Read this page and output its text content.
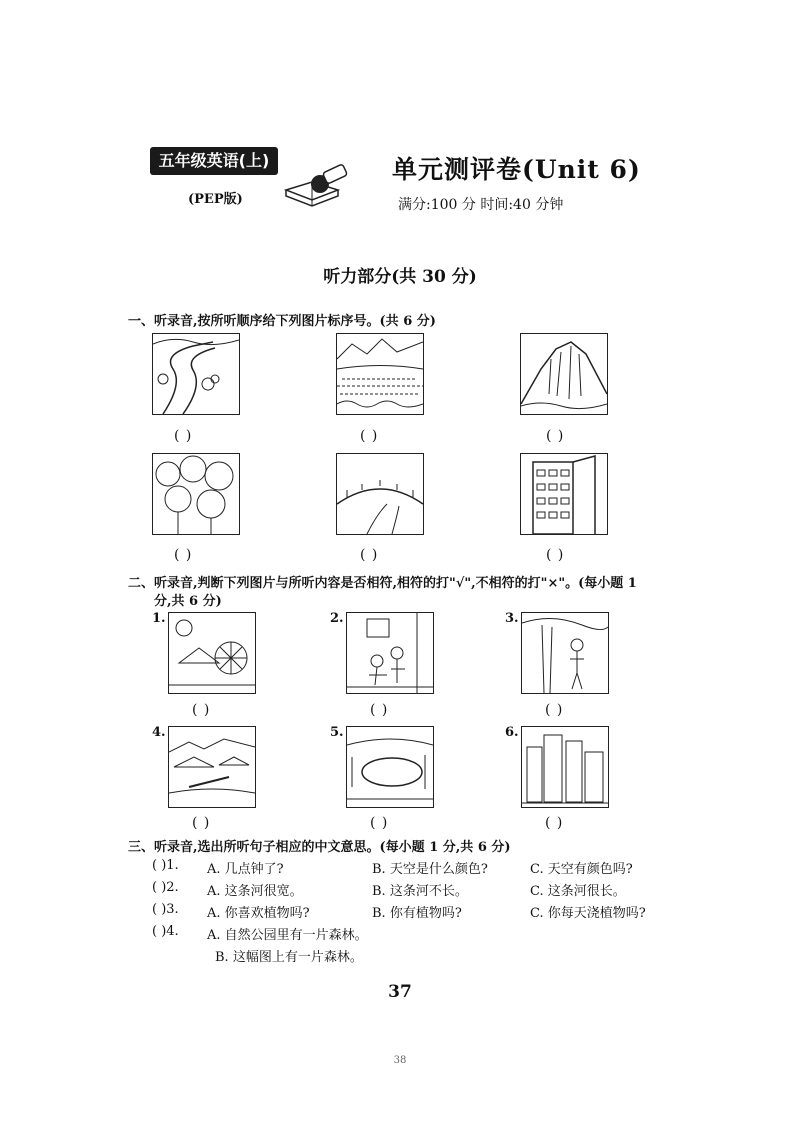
五年级英语(上)
(PEP版)
单元测评卷(Unit 6)
满分:100 分 时间:40 分钟
听力部分(共 30 分)
一、听录音,按所听顺序给下列图片标序号。(共 6 分)
( )	( )	( )
( )	( )	( )
二、听录音,判断下列图片与所听内容是否相符,相符的打"√",不相符的打"×"。(每小题 1
分,共 6 分)
1.	2.	3.
( )	( )	( )
4.	5.	6.
( )	( )	( )
三、听录音,选出所听句子相应的中文意思。(每小题 1 分,共 6 分)
( )1. A. 几点钟了?	B. 天空是什么颜色?	C. 天空有颜色吗?
( )2. A. 这条河很宽。	B. 这条河不长。	C. 这条河很长。
( )3. A. 你喜欢植物吗?	B. 你有植物吗?	C. 你每天浇植物吗?
( )4. A. 自然公园里有一片森林。
B. 这幅图上有一片森林。
37
38
